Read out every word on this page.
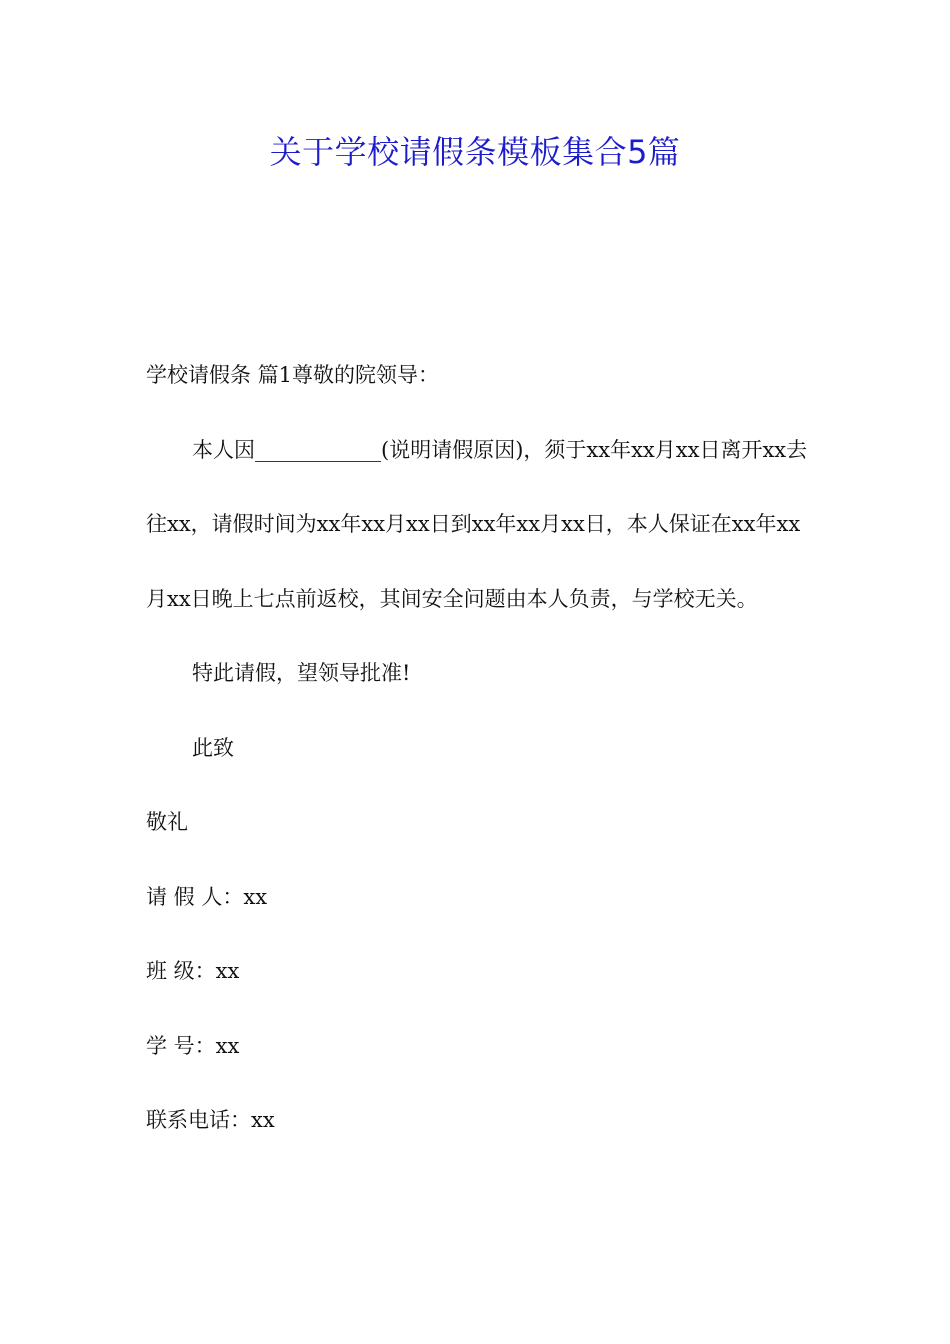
关于学校请假条模板集合5篇

学校请假条 篇1尊敬的院领导：

本人因____________(说明请假原因)，须于xx年xx月xx日离开xx去往xx，请假时间为xx年xx月xx日到xx年xx月xx日，本人保证在xx年xx月xx日晚上七点前返校，其间安全问题由本人负责，与学校无关。

特此请假，望领导批准!

此致

敬礼

请 假 人：xx

班 级：xx

学 号：xx

联系电话：xx
